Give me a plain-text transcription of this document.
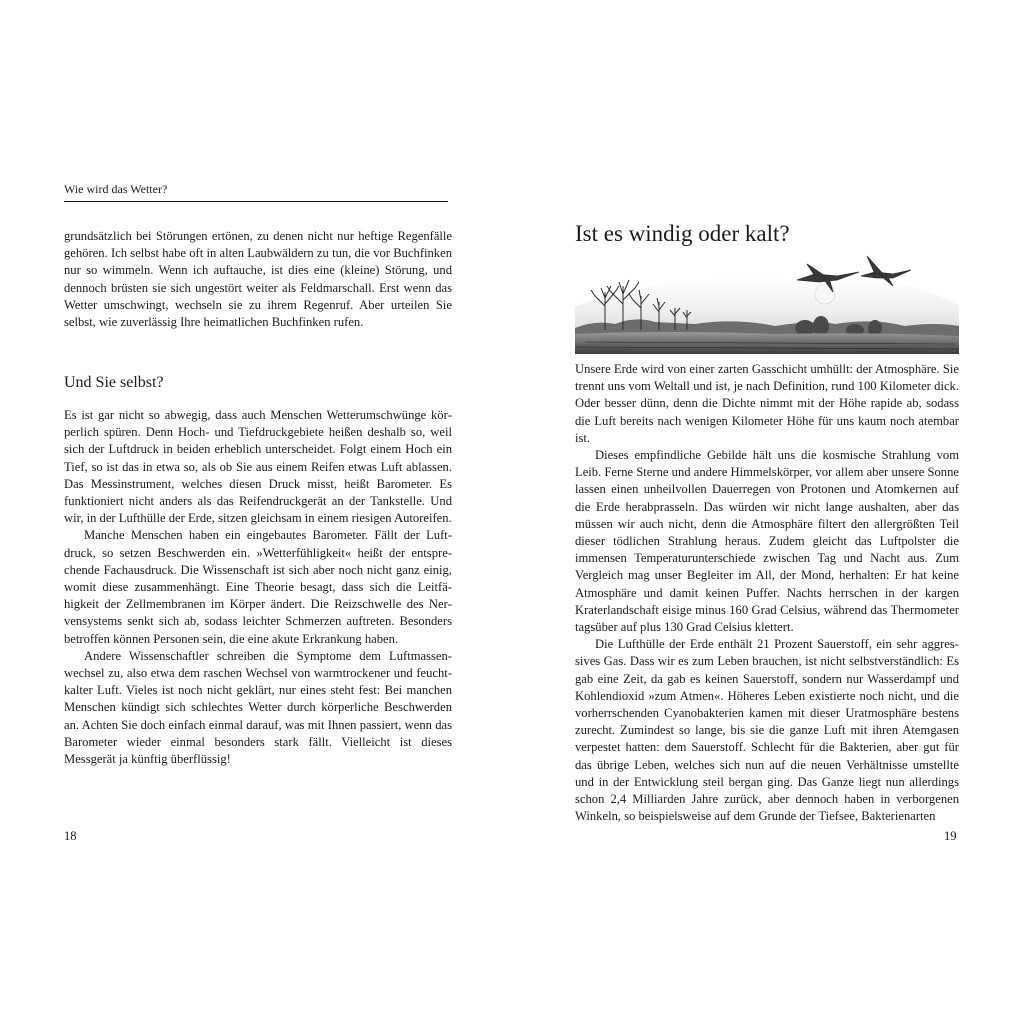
Wie wird das Wetter?

grundsätzlich bei Störungen ertönen, zu denen nicht nur heftige Regenfälle gehören. Ich selbst habe oft in alten Laubwäldern zu tun, die vor Buchfinken nur so wimmeln. Wenn ich auftauche, ist dies eine (kleine) Störung, und dennoch brüsten sie sich ungestört weiter als Feldmarschall. Erst wenn das Wetter umschwingt, wechseln sie zu ihrem Regenruf. Aber urteilen Sie selbst, wie zuverlässig Ihre heimatlichen Buchfinken rufen.

Und Sie selbst?

Es ist gar nicht so abwegig, dass auch Menschen Wetterumschwünge körperlich spüren. Denn Hoch- und Tiefdruckgebiete heißen deshalb so, weil sich der Luftdruck in beiden erheblich unterscheidet. Folgt einem Hoch ein Tief, so ist das in etwa so, als ob Sie aus einem Reifen etwas Luft ablassen. Das Messinstrument, welches diesen Druck misst, heißt Barometer. Es funktioniert nicht anders als das Reifendruckgerät an der Tankstelle. Und wir, in der Lufthülle der Erde, sitzen gleichsam in einem riesigen Autoreifen.

Manche Menschen haben ein eingebautes Barometer. Fällt der Luftdruck, so setzen Beschwerden ein. »Wetterfühligkeit« heißt der entsprechende Fachausdruck. Die Wissenschaft ist sich aber noch nicht ganz einig, womit diese zusammenhängt. Eine Theorie besagt, dass sich die Leitfähigkeit der Zellmembranen im Körper ändert. Die Reizschwelle des Nervensystems senkt sich ab, sodass leichter Schmerzen auftreten. Besonders betroffen können Personen sein, die eine akute Erkrankung haben.

Andere Wissenschaftler schreiben die Symptome dem Luftmassenwechsel zu, also etwa dem raschen Wechsel von warmtrockener und feuchtkalter Luft. Vieles ist noch nicht geklärt, nur eines steht fest: Bei manchen Menschen kündigt sich schlechtes Wetter durch körperliche Beschwerden an. Achten Sie doch einfach einmal darauf, was mit Ihnen passiert, wenn das Barometer wieder einmal besonders stark fällt. Vielleicht ist dieses Messgerät ja künftig überflüssig!

18
Ist es windig oder kalt?

Unsere Erde wird von einer zarten Gasschicht umhüllt: der Atmosphäre. Sie trennt uns vom Weltall und ist, je nach Definition, rund 100 Kilometer dick. Oder besser dünn, denn die Dichte nimmt mit der Höhe rapide ab, sodass die Luft bereits nach wenigen Kilometer Höhe für uns kaum noch atembar ist.

Dieses empfindliche Gebilde hält uns die kosmische Strahlung vom Leib. Ferne Sterne und andere Himmelskörper, vor allem aber unsere Sonne lassen einen unheilvollen Dauerregen von Protonen und Atomkernen auf die Erde herabprasseln. Das würden wir nicht lange aushalten, aber das müssen wir auch nicht, denn die Atmosphäre filtert den allergrößten Teil dieser tödlichen Strahlung heraus. Zudem gleicht das Luftpolster die immensen Temperaturunterschiede zwischen Tag und Nacht aus. Zum Vergleich mag unser Begleiter im All, der Mond, herhalten: Er hat keine Atmosphäre und damit keinen Puffer. Nachts herrschen in der kargen Kraterlandschaft eisige minus 160 Grad Celsius, während das Thermometer tagsüber auf plus 130 Grad Celsius klettert.

Die Lufthülle der Erde enthält 21 Prozent Sauerstoff, ein sehr aggressives Gas. Dass wir es zum Leben brauchen, ist nicht selbstverständlich: Es gab eine Zeit, da gab es keinen Sauerstoff, sondern nur Wasserdampf und Kohlendioxid »zum Atmen«. Höheres Leben existierte noch nicht, und die vorherrschenden Cyanobakterien kamen mit dieser Uratmosphäre bestens zurecht. Zumindest so lange, bis sie die ganze Luft mit ihren Atemgasen verpestet hatten: dem Sauerstoff. Schlecht für die Bakterien, aber gut für das übrige Leben, welches sich nun auf die neuen Verhältnisse umstellte und in der Entwicklung steil bergan ging. Das Ganze liegt nun allerdings schon 2,4 Milliarden Jahre zurück, aber dennoch haben in verborgenen Winkeln, so beispielsweise auf dem Grunde der Tiefsee, Bakterienarten

19
